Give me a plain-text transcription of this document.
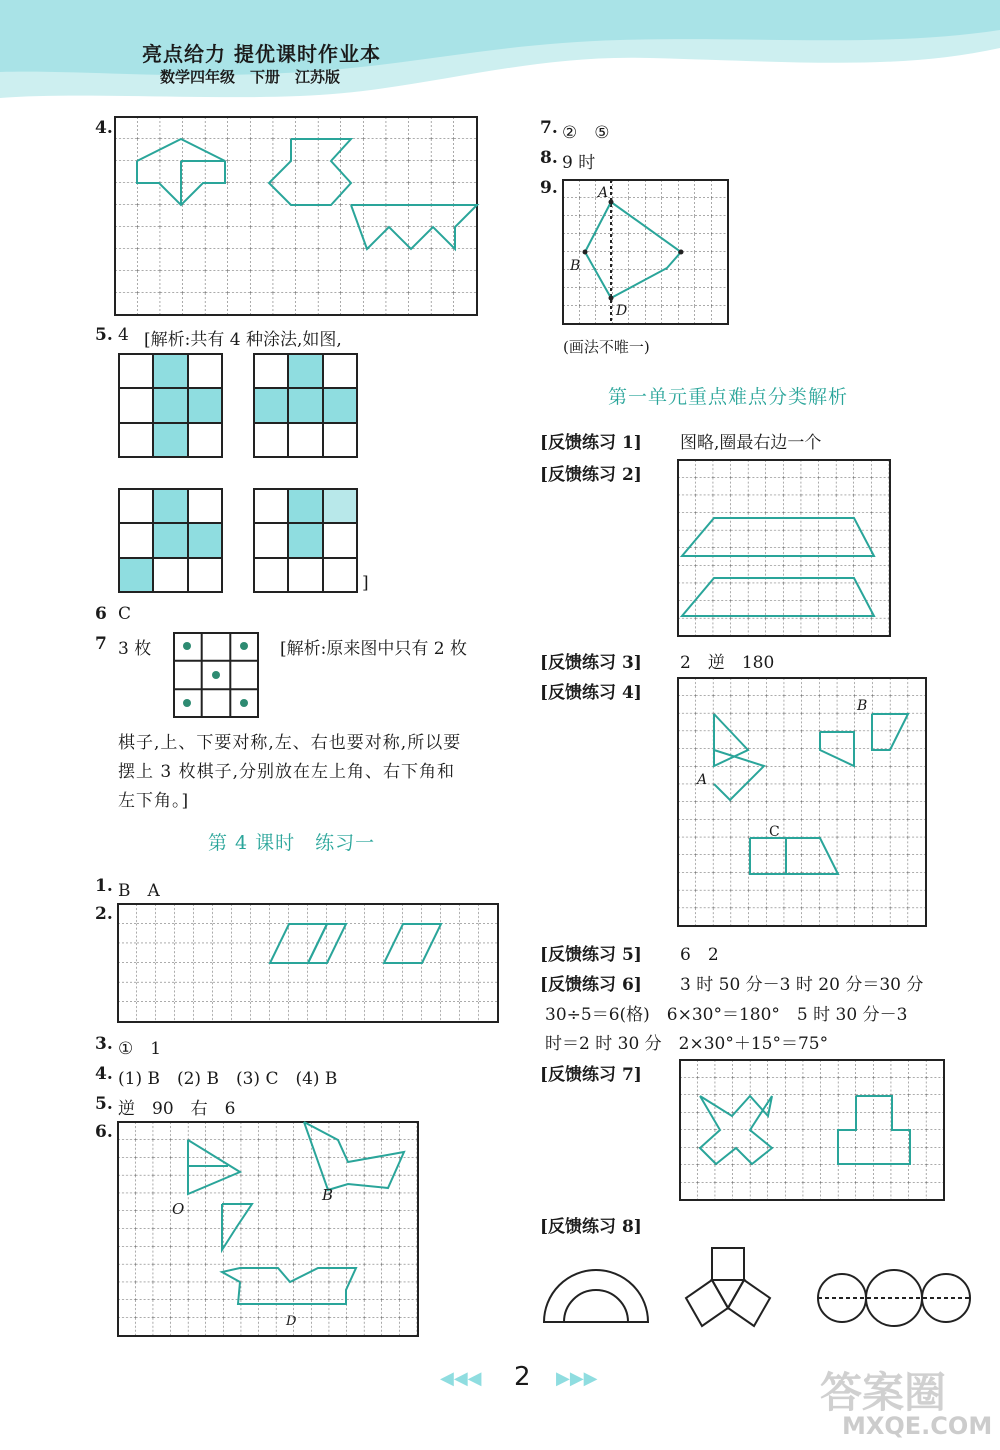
亮点给力 提优课时作业本
数学四年级　下册　江苏版
4.
5. 4 [解析:共有 4 种涂法,如图,
]
6 C
7 3 枚	[解析:原来图中只有 2 枚
棋子,上、下要对称,左、右也要对称,所以要
摆上 3 枚棋子,分别放在左上角、右下角和
左下角。]
第 4 课时　练习一
1. B　A
2.
3. ①　1
4. (1) B　(2) B　(3) C　(4) B
5. 逆　90　右　6
6.
O
B
D
7. ②　⑤
8. 9 时
9.	A
B
D
(画法不唯一)
第一单元重点难点分类解析
[反馈练习 1] 图略,圈最右边一个
[反馈练习 2]
[反馈练习 3] 2　逆　180
[反馈练习 4]
A
B
C
[反馈练习 5] 6　2
[反馈练习 6] 3 时 50 分－3 时 20 分＝30 分
30÷5＝6(格)　6×30°＝180°　5 时 30 分－3
时＝2 时 30 分　2×30°＋15°＝75°
[反馈练习 7]
[反馈练习 8]
◀◀◀ 2 ▶▶▶	答案圈
MXQE.COM
